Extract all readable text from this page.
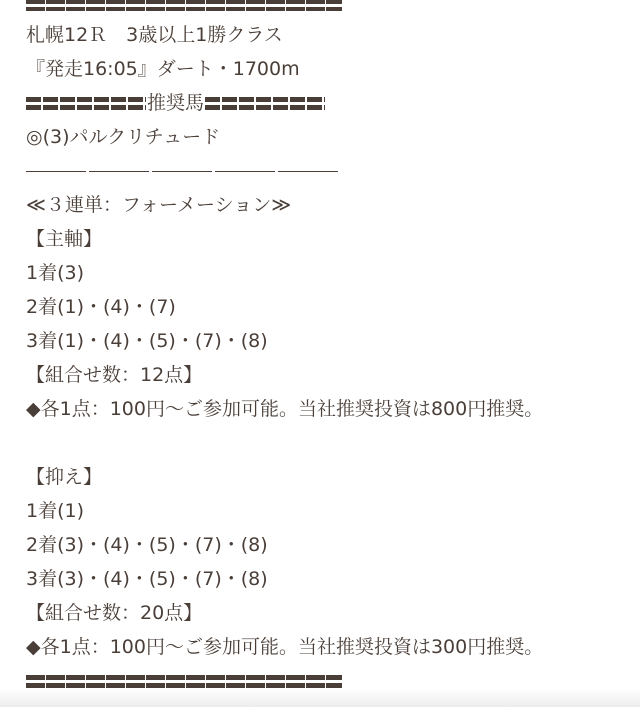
札幌12Ｒ　3歳以上1勝クラス
『発走16:05』ダート・1700m
推奨馬
◎(3)パルクリチュード
≪３連単：フォーメーション≫
【主軸】
1着(3)
2着(1)・(4)・(7)
3着(1)・(4)・(5)・(7)・(8)
【組合せ数：12点】
◆各1点：100円〜ご参加可能。当社推奨投資は800円推奨。
【抑え】
1着(1)
2着(3)・(4)・(5)・(7)・(8)
3着(3)・(4)・(5)・(7)・(8)
【組合せ数：20点】
◆各1点：100円〜ご参加可能。当社推奨投資は300円推奨。
